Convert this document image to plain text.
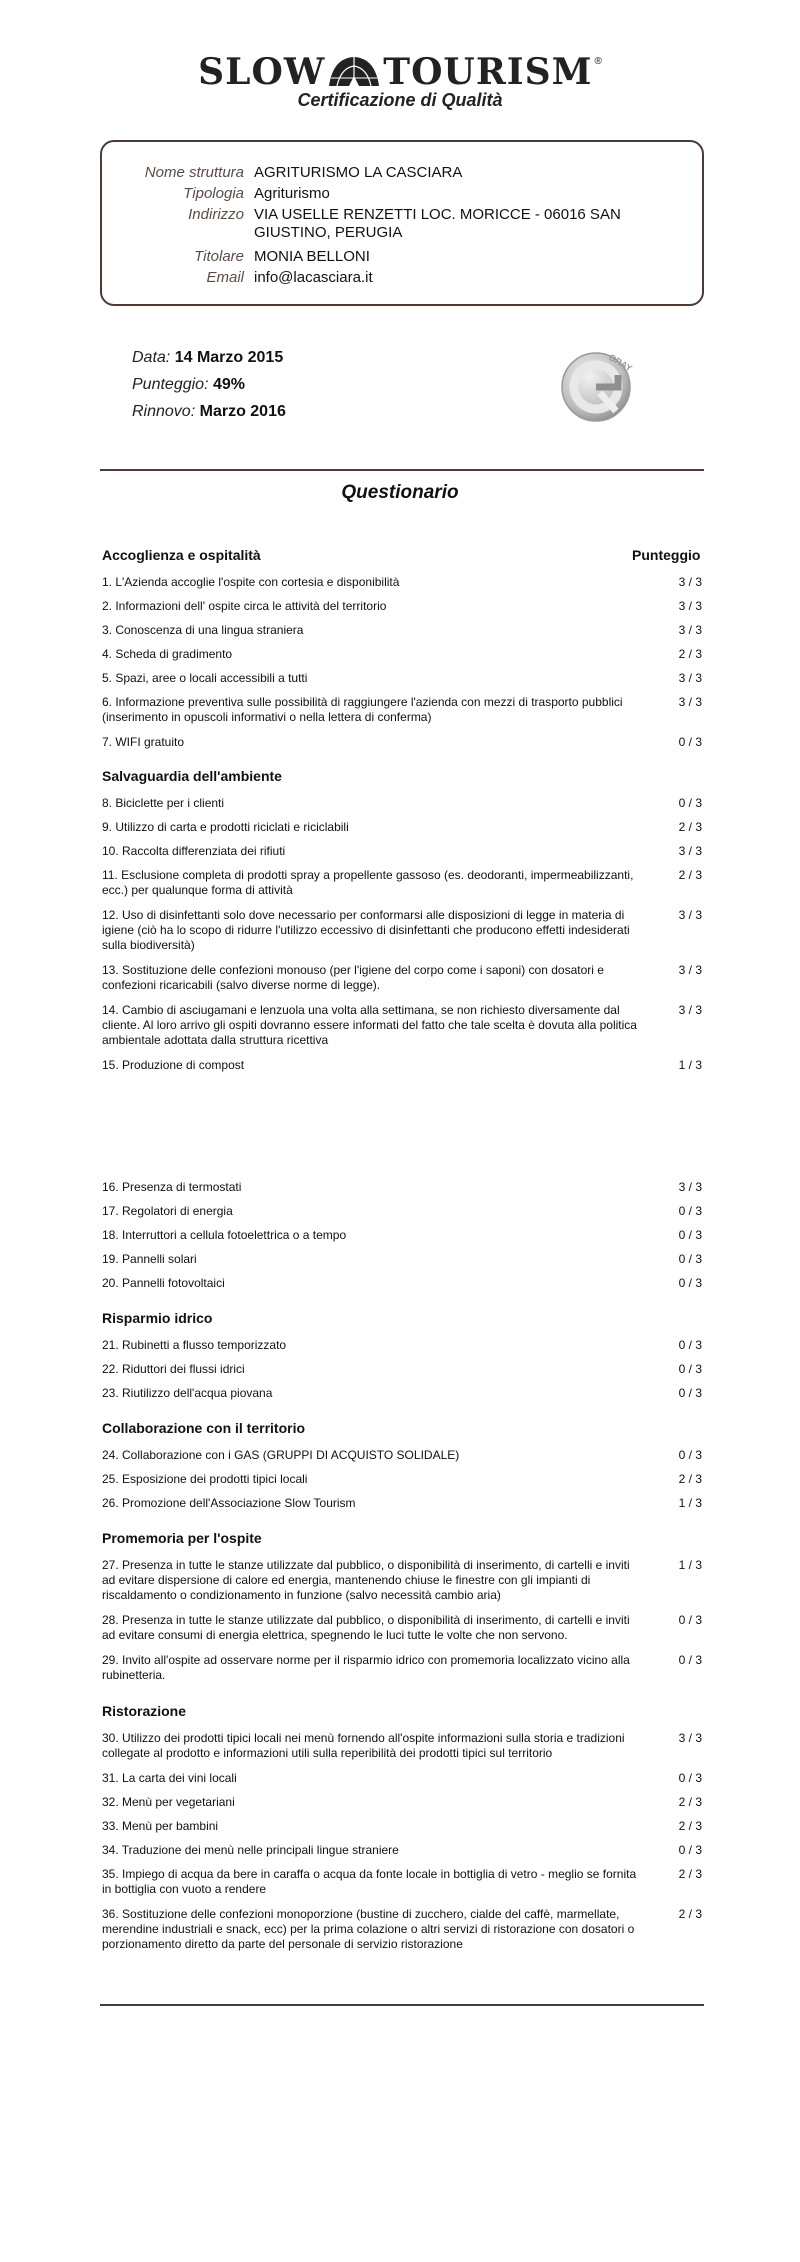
SLOW TOURISM ®
Certificazione di Qualità
Nome struttura AGRITURISMO LA CASCIARA
Tipologia Agriturismo
Indirizzo VIA USELLE RENZETTI LOC. MORICCE - 06016 SAN GIUSTINO, PERUGIA
Titolare MONIA BELLONI
Email info@lacasciara.it
Data: 14 Marzo 2015
Punteggio: 49%
Rinnovo: Marzo 2016
GRAY
Questionario
Accoglienza e ospitalità	Punteggio
1. L'Azienda accoglie l'ospite con cortesia e disponibilità	3 / 3
2. Informazioni dell' ospite circa le attività del territorio	3 / 3
3. Conoscenza di una lingua straniera	3 / 3
4. Scheda di gradimento	2 / 3
5. Spazi, aree o locali accessibili a tutti	3 / 3
6. Informazione preventiva sulle possibilità di raggiungere l'azienda con mezzi di trasporto pubblici (inserimento in opuscoli informativi o nella lettera di conferma)
3 / 3
7. WIFI gratuito	0 / 3
Salvaguardia dell'ambiente
8. Biciclette per i clienti	0 / 3
9. Utilizzo di carta e prodotti riciclati e riciclabili	2 / 3
10. Raccolta differenziata dei rifiuti	3 / 3
11. Esclusione completa di prodotti spray a propellente gassoso (es. deodoranti, impermeabilizzanti, ecc.) per qualunque forma di attività
2 / 3
12. Uso di disinfettanti solo dove necessario per conformarsi alle disposizioni di legge in materia di igiene (ciò ha lo scopo di ridurre l'utilizzo eccessivo di disinfettanti che producono effetti indesiderati sulla biodiversità)
3 / 3
13. Sostituzione delle confezioni monouso (per l'igiene del corpo come i saponi) con dosatori e confezioni ricaricabili (salvo diverse norme di legge).
3 / 3
14. Cambio di asciugamani e lenzuola una volta alla settimana, se non richiesto diversamente dal cliente. Al loro arrivo gli ospiti dovranno essere informati del fatto che tale scelta è dovuta alla politica ambientale adottata dalla struttura ricettiva
3 / 3
15. Produzione di compost	1 / 3
16. Presenza di termostati	3 / 3
17. Regolatori di energia	0 / 3
18. Interruttori a cellula fotoelettrica o a tempo	0 / 3
19. Pannelli solari	0 / 3
20. Pannelli fotovoltaici	0 / 3
Risparmio idrico
21. Rubinetti a flusso temporizzato	0 / 3
22. Riduttori dei flussi idrici	0 / 3
23. Riutilizzo dell'acqua piovana	0 / 3
Collaborazione con il territorio
24. Collaborazione con i GAS (GRUPPI DI ACQUISTO SOLIDALE)	0 / 3
25. Esposizione dei prodotti tipici locali	2 / 3
26. Promozione dell'Associazione Slow Tourism	1 / 3
Promemoria per l'ospite
27. Presenza in tutte le stanze utilizzate dal pubblico, o disponibilità di inserimento, di cartelli e inviti ad evitare dispersione di calore ed energia, mantenendo chiuse le finestre con gli impianti di riscaldamento o condizionamento in funzione (salvo necessità cambio aria)
1 / 3
28. Presenza in tutte le stanze utilizzate dal pubblico, o disponibilità di inserimento, di cartelli e inviti ad evitare consumi di energia elettrica, spegnendo le luci tutte le volte che non servono.
0 / 3
29. Invito all'ospite ad osservare norme per il risparmio idrico con promemoria localizzato vicino alla rubinetteria.
0 / 3
Ristorazione
30. Utilizzo dei prodotti tipici locali nei menù fornendo all'ospite informazioni sulla storia e tradizioni collegate al prodotto e informazioni utili sulla reperibilità dei prodotti tipici sul territorio
3 / 3
31. La carta dei vini locali	0 / 3
32. Menù per vegetariani	2 / 3
33. Menù per bambini	2 / 3
34. Traduzione dei menù nelle principali lingue straniere	0 / 3
35. Impiego di acqua da bere in caraffa o acqua da fonte locale in bottiglia di vetro - meglio se fornita in bottiglia con vuoto a rendere
2 / 3
36. Sostituzione delle confezioni monoporzione (bustine di zucchero, cialde del caffè, marmellate, merendine industriali e snack, ecc) per la prima colazione o altri servizi di ristorazione con dosatori o porzionamento diretto da parte del personale di servizio ristorazione
2 / 3
